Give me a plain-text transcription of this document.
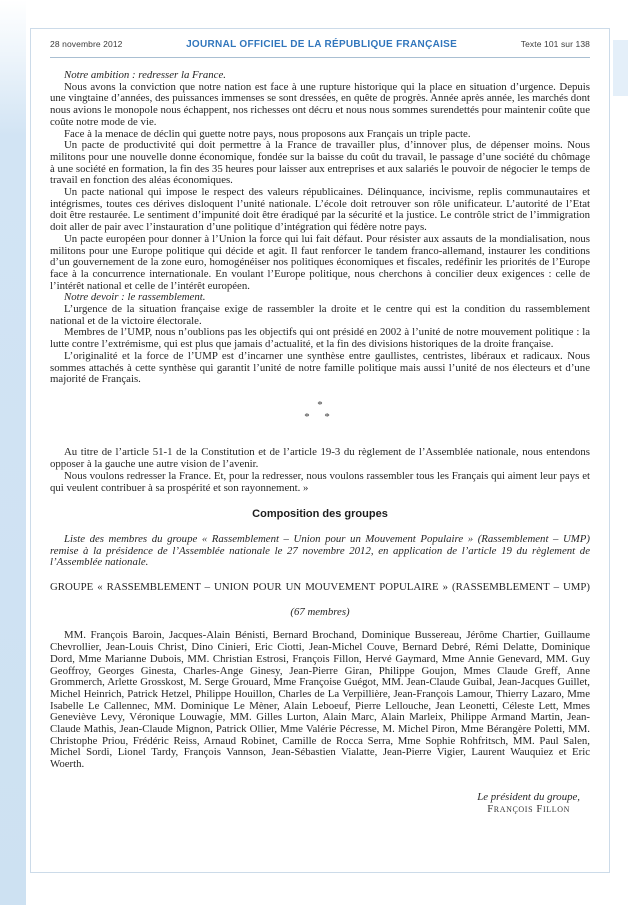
28 novembre 2012	JOURNAL OFFICIEL DE LA RÉPUBLIQUE FRANÇAISE	Texte 101 sur 138

Notre ambition : redresser la France.

Nous avons la conviction que notre nation est face à une rupture historique qui la place en situation d’urgence. Depuis une vingtaine d’années, des puissances immenses se sont dressées, en quête de progrès. Année après année, les marchés dont nous avions le monopole nous échappent, nos richesses ont décru et nous nous sommes surendettés pour maintenir coûte que coûte notre mode de vie.

Face à la menace de déclin qui guette notre pays, nous proposons aux Français un triple pacte.

Un pacte de productivité qui doit permettre à la France de travailler plus, d’innover plus, de dépenser moins. Nous militons pour une nouvelle donne économique, fondée sur la baisse du coût du travail, le passage d’une société du chômage à une société en formation, la fin des 35 heures pour laisser aux entreprises et aux salariés le pouvoir de négocier le temps de travail en fonction des aléas économiques.

Un pacte national qui impose le respect des valeurs républicaines. Délinquance, incivisme, replis communautaires et intégrismes, toutes ces dérives disloquent l’unité nationale. L’école doit retrouver son rôle unificateur. L’autorité de l’Etat doit être restaurée. Le sentiment d’impunité doit être éradiqué par la sécurité et la justice. Le contrôle strict de l’immigration doit aller de pair avec l’instauration d’une politique d’intégration qui fédère notre pays.

Un pacte européen pour donner à l’Union la force qui lui fait défaut. Pour résister aux assauts de la mondialisation, nous militons pour une Europe politique qui décide et agit. Il faut renforcer le tandem franco-allemand, instaurer les conditions d’un gouvernement de la zone euro, homogénéiser nos politiques économiques et fiscales, redéfinir les priorités de l’Europe face à la concurrence internationale. En voulant l’Europe politique, nous cherchons à concilier deux exigences : celle de l’intérêt national et celle de l’intérêt européen.

Notre devoir : le rassemblement.

L’urgence de la situation française exige de rassembler la droite et le centre qui est la condition du rassemblement national et de la victoire électorale.

Membres de l’UMP, nous n’oublions pas les objectifs qui ont présidé en 2002 à l’unité de notre mouvement politique : la lutte contre l’extrémisme, qui est plus que jamais d’actualité, et la fin des divisions historiques de la droite française.

L’originalité et la force de l’UMP est d’incarner une synthèse entre gaullistes, centristes, libéraux et radicaux. Nous sommes attachés à cette synthèse qui garantit l’unité de notre famille politique mais aussi l’unité de nos électeurs et d’une majorité de Français.

*
* *

Au titre de l’article 51-1 de la Constitution et de l’article 19-3 du règlement de l’Assemblée nationale, nous entendons opposer à la gauche une autre vision de l’avenir.

Nous voulons redresser la France. Et, pour la redresser, nous voulons rassembler tous les Français qui aiment leur pays et qui veulent contribuer à sa prospérité et son rayonnement. »

Composition des groupes

Liste des membres du groupe « Rassemblement – Union pour un Mouvement Populaire » (Rassemblement – UMP) remise à la présidence de l’Assemblée nationale le 27 novembre 2012, en application de l’article 19 du règlement de l’Assemblée nationale.

GROUPE « RASSEMBLEMENT – UNION POUR UN MOUVEMENT POPULAIRE » (RASSEMBLEMENT – UMP)

(67 membres)

MM. François Baroin, Jacques-Alain Bénisti, Bernard Brochand, Dominique Bussereau, Jérôme Chartier, Guillaume Chevrollier, Jean-Louis Christ, Dino Cinieri, Eric Ciotti, Jean-Michel Couve, Bernard Debré, Rémi Delatte, Dominique Dord, Mme Marianne Dubois, MM. Christian Estrosi, François Fillon, Hervé Gaymard, Mme Annie Genevard, MM. Guy Geoffroy, Georges Ginesta, Charles-Ange Ginesy, Jean-Pierre Giran, Philippe Goujon, Mmes Claude Greff, Anne Grommerch, Arlette Grosskost, M. Serge Grouard, Mme Françoise Guégot, MM. Jean-Claude Guibal, Jean-Jacques Guillet, Michel Heinrich, Patrick Hetzel, Philippe Houillon, Charles de La Verpillière, Jean-François Lamour, Thierry Lazaro, Mme Isabelle Le Callennec, MM. Dominique Le Mèner, Alain Leboeuf, Pierre Lellouche, Jean Leonetti, Céleste Lett, Mmes Geneviève Levy, Véronique Louwagie, MM. Gilles Lurton, Alain Marc, Alain Marleix, Philippe Armand Martin, Jean-Claude Mathis, Jean-Claude Mignon, Patrick Ollier, Mme Valérie Pécresse, M. Michel Piron, Mme Bérangère Poletti, MM. Christophe Priou, Frédéric Reiss, Arnaud Robinet, Camille de Rocca Serra, Mme Sophie Rohfritsch, MM. Paul Salen, Michel Sordi, Lionel Tardy, François Vannson, Jean-Sébastien Vialatte, Jean-Pierre Vigier, Laurent Wauquiez et Eric Woerth.

Le président du groupe,
François Fillon
